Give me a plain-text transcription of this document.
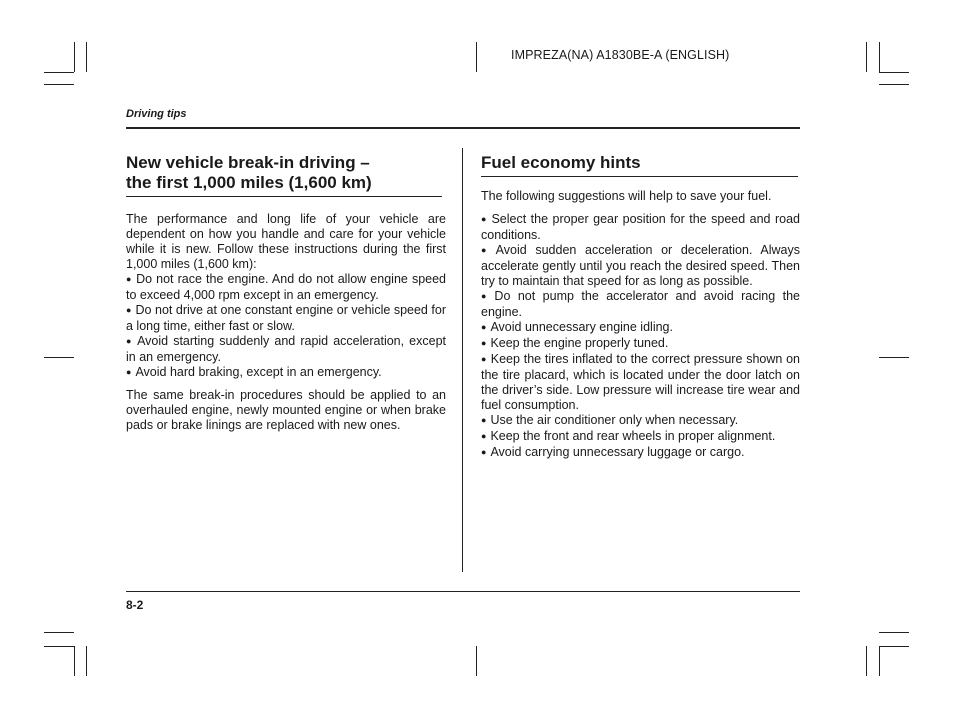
IMPREZA(NA) A1830BE-A (ENGLISH)
Driving tips
New vehicle break-in driving –
the first 1,000 miles (1,600 km)

The performance and long life of your vehicle are dependent on how you handle and care for your vehicle while it is new. Follow these instructions during the first 1,000 miles (1,600 km):

● Do not race the engine. And do not allow engine speed to exceed 4,000 rpm except in an emergency.

● Do not drive at one constant engine or vehicle speed for a long time, either fast or slow.

● Avoid starting suddenly and rapid acceleration, except in an emergency.

● Avoid hard braking, except in an emergency.

The same break-in procedures should be applied to an overhauled engine, newly mounted engine or when brake pads or brake linings are replaced with new ones.

Fuel economy hints

The following suggestions will help to save your fuel.

● Select the proper gear position for the speed and road conditions.

● Avoid sudden acceleration or deceleration. Always accelerate gently until you reach the desired speed. Then try to maintain that speed for as long as possible.

● Do not pump the accelerator and avoid racing the engine.

● Avoid unnecessary engine idling.

● Keep the engine properly tuned.

● Keep the tires inflated to the correct pressure shown on the tire placard, which is located under the door latch on the driver’s side. Low pressure will increase tire wear and fuel consumption.

● Use the air conditioner only when necessary.

● Keep the front and rear wheels in proper alignment.

● Avoid carrying unnecessary luggage or cargo.

8-2
